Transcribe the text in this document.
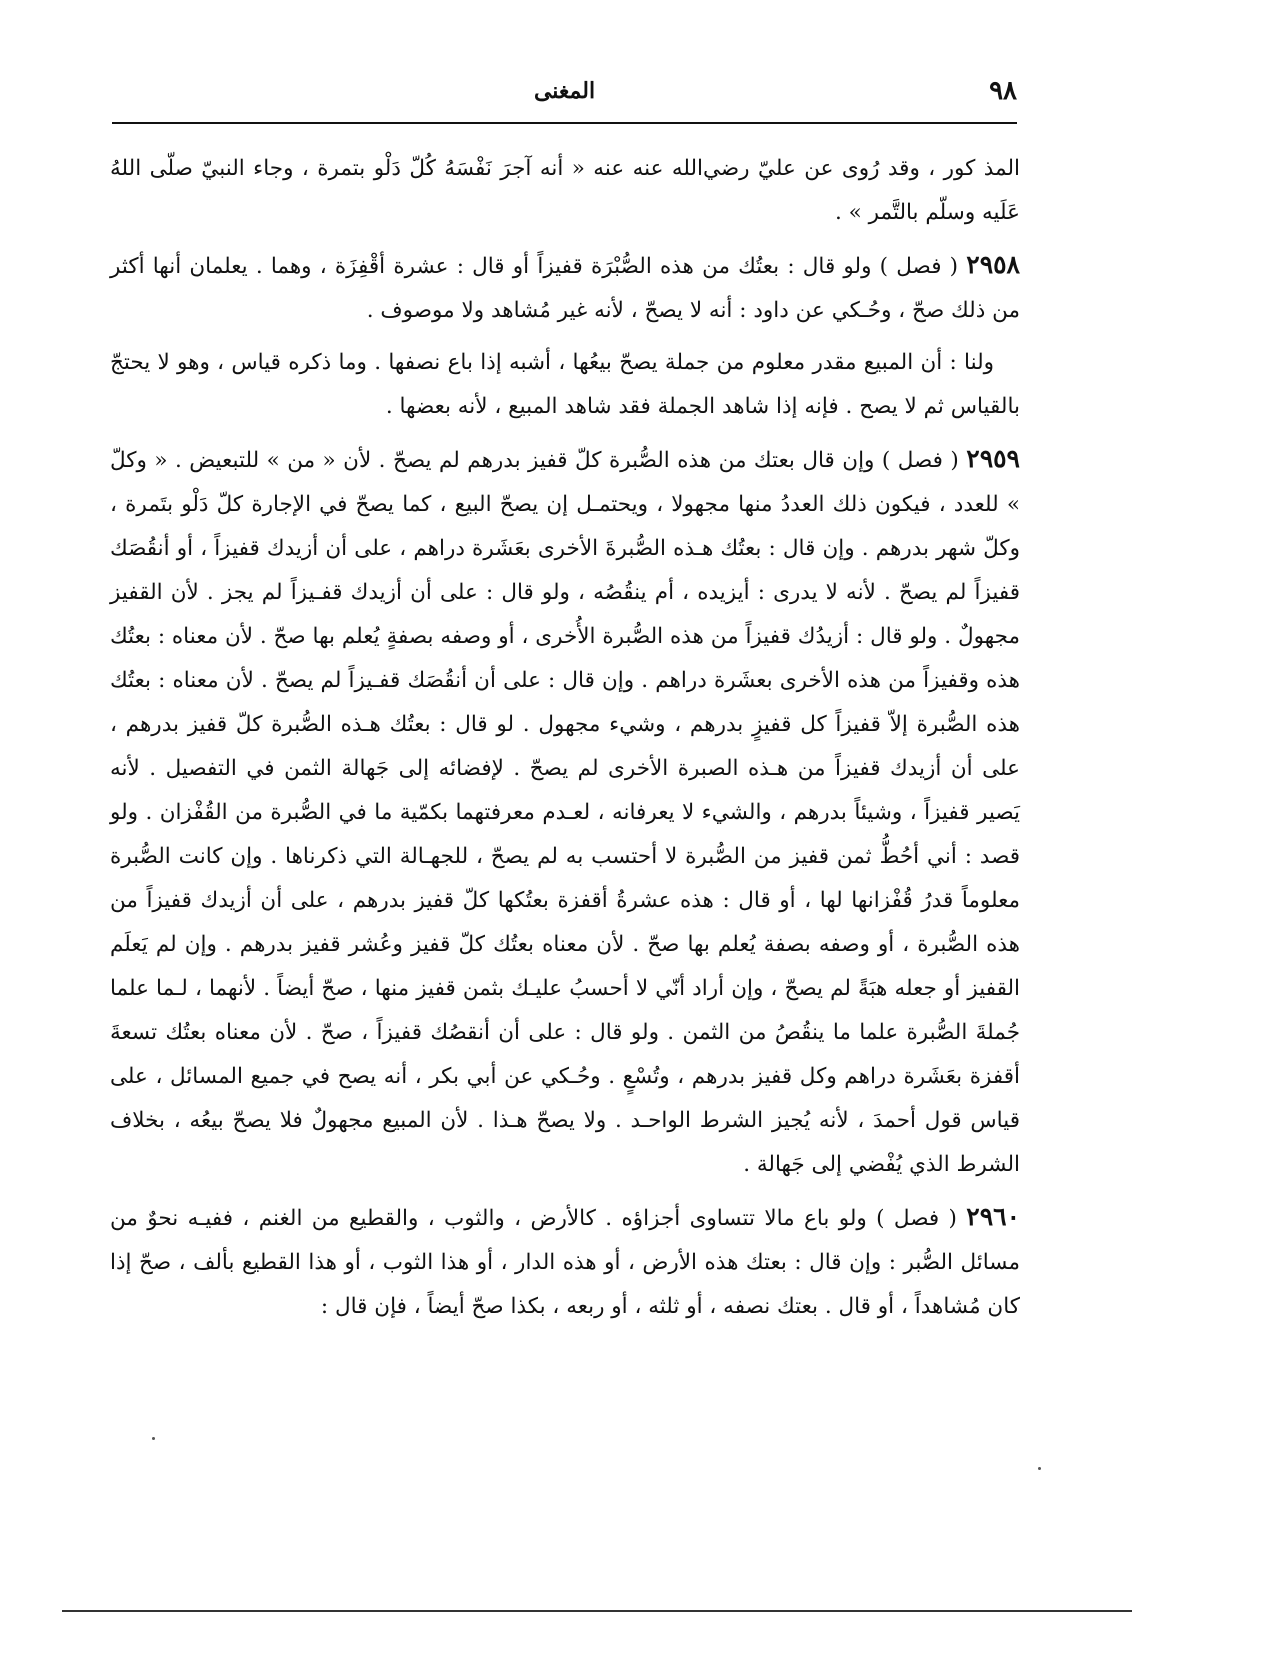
٩٨
المغنى

المذ كور ، وقد رُوى عن عليّ رضي‌الله عنه عنه « أنه آجرَ نَفْسَهُ كُلّ دَلْو بتمرة ، وجاء النبيّ صلّى اللهُ عَلَيه وسلّم بالتَّمر » .

٢٩٥٨ ( فصل ) ولو قال : بعتُك من هذه الصُّبْرَة قفيزاً أو قال : عشرة أقْفِزَة ، وهما . يعلمان أنها أكثر من ذلك صحّ ، وحُـكي عن داود : أنه لا يصحّ ، لأنه غير مُشاهد ولا موصوف .

ولنا : أن المبيع مقدر معلوم من جملة يصحّ بيعُها ، أشبه إذا باع نصفها . وما ذكره قياس ، وهو لا يحتجّ بالقياس ثم لا يصح . فإنه إذا شاهد الجملة فقد شاهد المبيع ، لأنه بعضها .

٢٩٥٩ ( فصل ) وإن قال بعتك من هذه الصُّبرة كلّ قفيز بدرهم لم يصحّ . لأن « من » للتبعيض . « وكلّ » للعدد ، فيكون ذلك العددُ منها مجهولا ، ويحتمـل إن يصحّ البيع ، كما يصحّ في الإجارة كلّ دَلْو بتَمرة ، وكلّ شهر بدرهم . وإن قال : بعتُك هـذه الصُّبرةَ الأخرى بعَشَرة دراهم ، على أن أزيدك قفيزاً ، أو أنقُصَك قفيزاً لم يصحّ . لأنه لا يدرى : أيزيده ، أم ينقُصُه ، ولو قال : على أن أزيدك قفـيزاً لم يجز . لأن القفيز مجهولٌ . ولو قال : أزيدُك قفيزاً من هذه الصُّبرة الأُخرى ، أو وصفه بصفةٍ يُعلم بها صحّ . لأن معناه : بعتُك هذه وقفيزاً من هذه الأخرى بعشَرة دراهم . وإن قال : على أن أنقُصَك قفـيزاً لم يصحّ . لأن معناه : بعتُك هذه الصُّبرة إلاّ قفيزاً كل قفيزٍ بدرهم ، وشيء مجهول . لو قال : بعتُك هـذه الصُّبرة كلّ قفيز بدرهم ، على أن أزيدك قفيزاً من هـذه الصبرة الأخرى لم يصحّ . لإفضائه إلى جَهالة الثمن في التفصيل . لأنه يَصير قفيزاً ، وشيئاً بدرهم ، والشيء لا يعرفانه ، لعـدم معرفتهما بكمّية ما في الصُّبرة من القُفْزان . ولو قصد : أني أحُطُّ ثمن قفيز من الصُّبرة لا أحتسب به لم يصحّ ، للجهـالة التي ذكرناها . وإن كانت الصُّبرة معلوماً قدرُ قُفْزانها لها ، أو قال : هذه عشرةُ أقفزة بعتُكها كلّ قفيز بدرهم ، على أن أزيدك قفيزاً من هذه الصُّبرة ، أو وصفه بصفة يُعلم بها صحّ . لأن معناه بعتُك كلّ قفيز وعُشر قفيز بدرهم . وإن لم يَعلَم القفيز أو جعله هبَةً لم يصحّ ، وإن أراد أنّي لا أحسبُ عليـك بثمن قفيز منها ، صحّ أيضاً . لأنهما ، لـما علما جُملةَ الصُّبرة علما ما ينقُصُ من الثمن . ولو قال : على أن أنقصُك قفيزاً ، صحّ . لأن معناه بعتُك تسعةَ أقفزة بعَشَرة دراهم وكل قفيز بدرهم ، وتُسْعٍ . وحُـكي عن أبي بكر ، أنه يصح في جميع المسائل ، على قياس قول أحمدَ ، لأنه يُجيز الشرط الواحـد . ولا يصحّ هـذا . لأن المبيع مجهولٌ فلا يصحّ بيعُه ، بخلاف الشرط الذي يُفْضي إلى جَهالة .

٢٩٦٠ ( فصل ) ولو باع مالا تتساوى أجزاؤه . كالأرض ، والثوب ، والقطيع من الغنم ، ففيـه نحوٌ من مسائل الصُّبر : وإن قال : بعتك هذه الأرض ، أو هذه الدار ، أو هذا الثوب ، أو هذا القطيع بألف ، صحّ إذا كان مُشاهداً ، أو قال . بعتك نصفه ، أو ثلثه ، أو ربعه ، بكذا صحّ أيضاً ، فإن قال :
